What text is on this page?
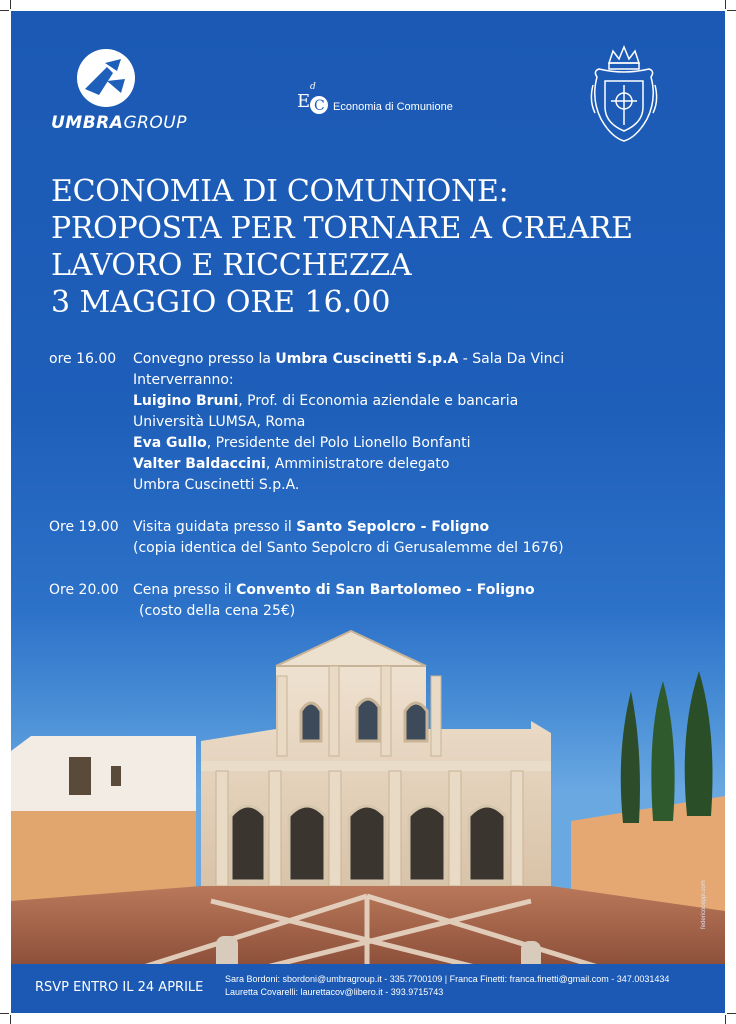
UMBRAGROUP
E
d
C Economia di Comunione
ECONOMIA DI COMUNIONE:
PROPOSTA PER TORNARE A CREARE
LAVORO E RICCHEZZA
3 MAGGIO ORE 16.00
ore 16.00	Convegno presso la Umbra Cuscinetti S.p.A - Sala Da Vinci
Interverranno:
Luigino Bruni, Prof. di Economia aziendale e bancaria
Università LUMSA, Roma
Eva Gullo, Presidente del Polo Lionello Bonfanti
Valter Baldaccini, Amministratore delegato
Umbra Cuscinetti S.p.A.
Ore 19.00	Visita guidata presso il Santo Sepolcro - Foligno
(copia identica del Santo Sepolcro di Gerusalemme del 1676)
Ore 20.00	Cena presso il Convento di San Bartolomeo - Foligno
(costo della cena 25€)
federicoceppi.com
RSVP ENTRO IL 24 APRILE
Sara Bordoni: sbordoni@umbragroup.it - 335.7700109 | Franca Finetti: franca.finetti@gmail.com - 347.0031434
Lauretta Covarelli: laurettacov@libero.it - 393.9715743
